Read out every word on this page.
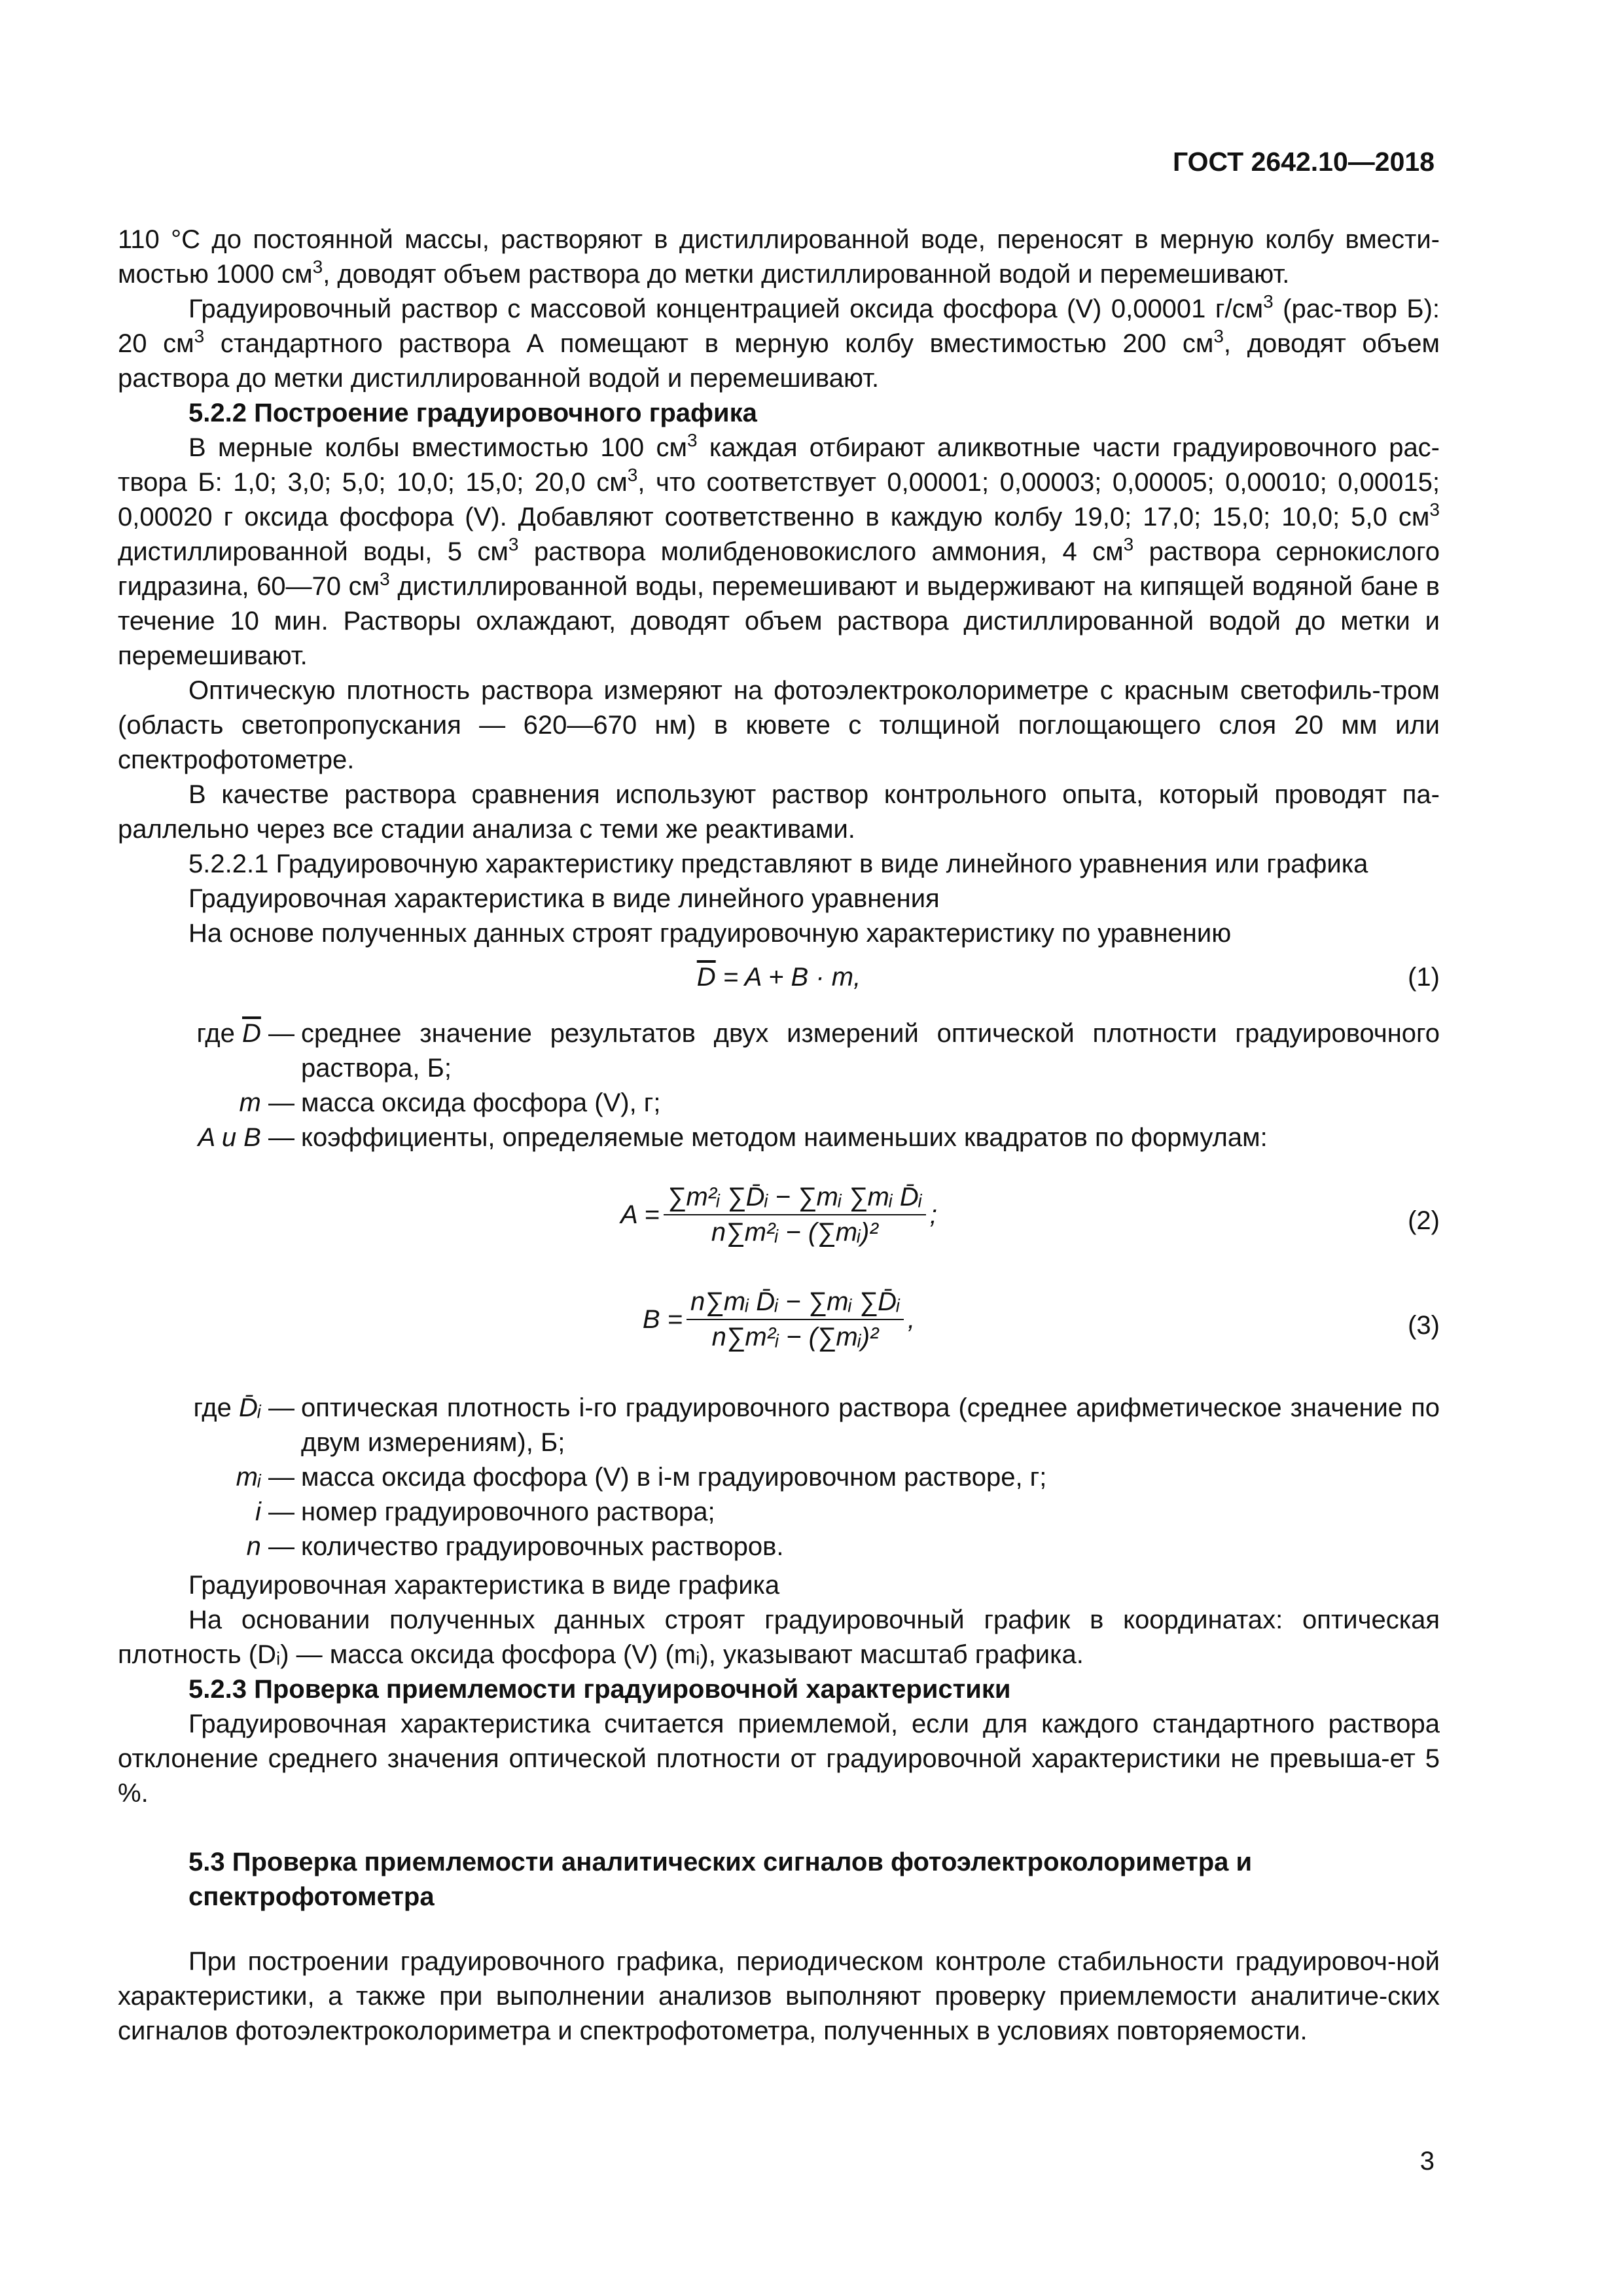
ГОСТ 2642.10—2018

110 °С до постоянной массы, растворяют в дистиллированной воде, переносят в мерную колбу вмести-мостью 1000 $см^3$, доводят объем раствора до метки дистиллированной водой и перемешивают.

Градуировочный раствор с массовой концентрацией оксида фосфора (V) 0,00001 $г/см^3$ (рас-твор Б): 20 $см^3$ стандартного раствора А помещают в мерную колбу вместимостью 200 $см^3$, доводят объем раствора до метки дистиллированной водой и перемешивают.

5.2.2 Построение градуировочного графика

В мерные колбы вместимостью 100 $см^3$ каждая отбирают аликвотные части градуировочного рас-твора Б: 1,0; 3,0; 5,0; 10,0; 15,0; 20,0 $см^3$, что соответствует 0,00001; 0,00003; 0,00005; 0,00010; 0,00015; 0,00020 г оксида фосфора (V). Добавляют соответственно в каждую колбу 19,0; 17,0; 15,0; 10,0; 5,0 $см^3$ дистиллированной воды, 5 $см^3$ раствора молибденовокислого аммония, 4 $см^3$ раствора сернокислого гидразина, 60—70 $см^3$ дистиллированной воды, перемешивают и выдерживают на кипящей водяной бане в течение 10 мин. Растворы охлаждают, доводят объем раствора дистиллированной водой до метки и перемешивают.

Оптическую плотность раствора измеряют на фотоэлектроколориметре с красным светофиль-тром (область светопропускания — 620—670 нм) в кювете с толщиной поглощающего слоя 20 мм или спектрофотометре.

В качестве раствора сравнения используют раствор контрольного опыта, который проводят па-раллельно через все стадии анализа с теми же реактивами.

5.2.2.1 Градуировочную характеристику представляют в виде линейного уравнения или графика

Градуировочная характеристика в виде линейного уравнения

На основе полученных данных строят градуировочную характеристику по уравнению

$\overline{D} = A + B \cdot m$,	(1)
где $\overline{D}$ — среднее значение результатов двух измерений оптической плотности градуировочного раствора, Б;
m — масса оксида фосфора (V), г;
A и B — коэффициенты, определяемые методом наименьших квадратов по формулам:
$A = \frac{\text{∑m²ᵢ ∑D̄ᵢ − ∑mᵢ ∑mᵢ D̄ᵢ}}{\text{n∑m²ᵢ − (∑mᵢ)²}}$ ;	(2)
$B = \frac{\text{n∑mᵢ D̄ᵢ − ∑mᵢ ∑D̄ᵢ}}{\text{n∑m²ᵢ − (∑mᵢ)²}}$ ,	(3)
где D̄ᵢ — оптическая плотность i-го градуировочного раствора (среднее арифметическое значение по двум измерениям), Б;
mᵢ — масса оксида фосфора (V) в i-м градуировочном растворе, г;
i — номер градуировочного раствора;
n — количество градуировочных растворов.

Градуировочная характеристика в виде графика

На основании полученных данных строят градуировочный график в координатах: оптическая плотность (Dᵢ) — масса оксида фосфора (V) (mᵢ), указывают масштаб графика.

5.2.3 Проверка приемлемости градуировочной характеристики

Градуировочная характеристика считается приемлемой, если для каждого стандартного раствора отклонение среднего значения оптической плотности от градуировочной характеристики не превыша-ет 5 %.

5.3 Проверка приемлемости аналитических сигналов фотоэлектроколориметра и
спектрофотометра

При построении градуировочного графика, периодическом контроле стабильности градуировоч-ной характеристики, а также при выполнении анализов выполняют проверку приемлемости аналитиче-ских сигналов фотоэлектроколориметра и спектрофотометра, полученных в условиях повторяемости.

3
